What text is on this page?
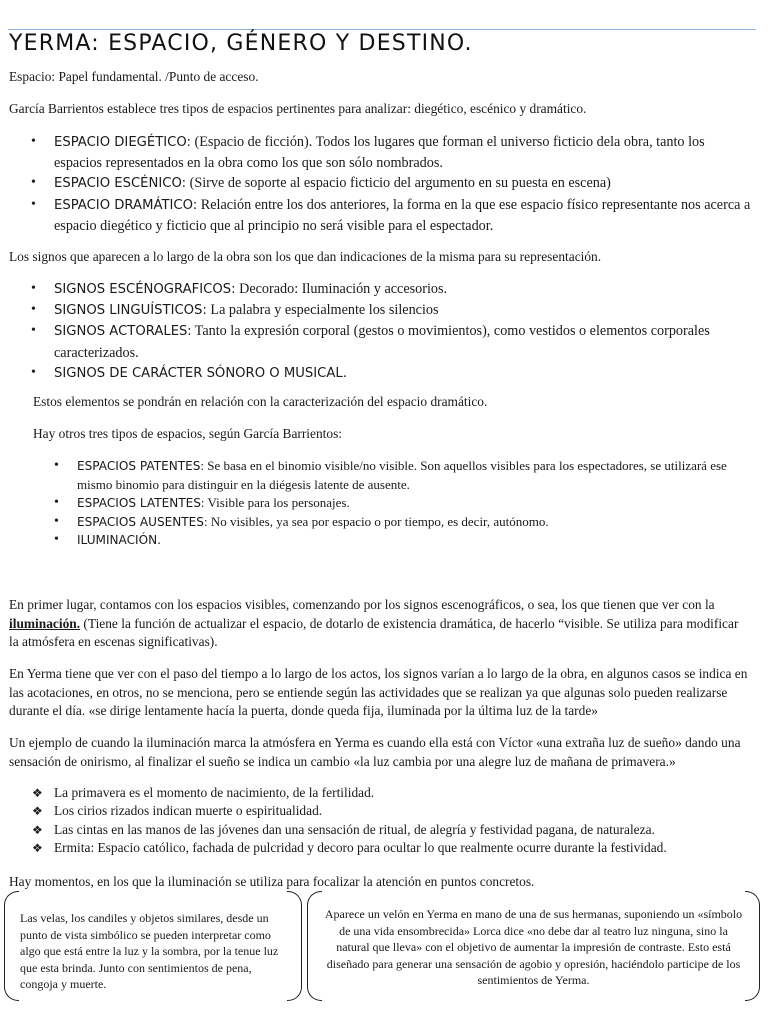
YERMA: ESPACIO, GÉNERO Y DESTINO.

Espacio: Papel fundamental. /Punto de acceso.

García Barrientos establece tres tipos de espacios pertinentes para analizar: diegético, escénico y dramático.

• ESPACIO DIEGÉTICO: (Espacio de ficción). Todos los lugares que forman el universo ficticio dela obra, tanto los espacios representados en la obra como los que son sólo nombrados.
• ESPACIO ESCÉNICO: (Sirve de soporte al espacio ficticio del argumento en su puesta en escena)
• ESPACIO DRAMÁTICO: Relación entre los dos anteriores, la forma en la que ese espacio físico representante nos acerca a espacio diegético y ficticio que al principio no será visible para el espectador.

Los signos que aparecen a lo largo de la obra son los que dan indicaciones de la misma para su representación.

• SIGNOS ESCÉNOGRAFICOS: Decorado: Iluminación y accesorios.
• SIGNOS LINGUÍSTICOS: La palabra y especialmente los silencios
• SIGNOS ACTORALES: Tanto la expresión corporal (gestos o movimientos), como vestidos o elementos corporales caracterizados.
• SIGNOS DE CARÁCTER SÓNORO O MUSICAL.

Estos elementos se pondrán en relación con la caracterización del espacio dramático.

Hay otros tres tipos de espacios, según García Barrientos:

• ESPACIOS PATENTES: Se basa en el binomio visible/no visible. Son aquellos visibles para los espectadores, se utilizará ese mismo binomio para distinguir en la diégesis latente de ausente.
• ESPACIOS LATENTES: Visible para los personajes.
• ESPACIOS AUSENTES: No visibles, ya sea por espacio o por tiempo, es decir, autónomo.
• ILUMINACIÓN.

En primer lugar, contamos con los espacios visibles, comenzando por los signos escenográficos, o sea, los que tienen que ver con la iluminación. (Tiene la función de actualizar el espacio, de dotarlo de existencia dramática, de hacerlo “visible. Se utiliza para modificar la atmósfera en escenas significativas).

En Yerma tiene que ver con el paso del tiempo a lo largo de los actos, los signos varían a lo largo de la obra, en algunos casos se indica en las acotaciones, en otros, no se menciona, pero se entiende según las actividades que se realizan ya que algunas solo pueden realizarse durante el día. «se dirige lentamente hacía la puerta, donde queda fija, iluminada por la última luz de la tarde»

Un ejemplo de cuando la iluminación marca la atmósfera en Yerma es cuando ella está con Víctor «una extraña luz de sueño» dando una sensación de onirismo, al finalizar el sueño se indica un cambio «la luz cambia por una alegre luz de mañana de primavera.»

❖ La primavera es el momento de nacimiento, de la fertilidad.
❖ Los cirios rizados indican muerte o espiritualidad.
❖ Las cintas en las manos de las jóvenes dan una sensación de ritual, de alegría y festividad pagana, de naturaleza.
❖ Ermita: Espacio católico, fachada de pulcridad y decoro para ocultar lo que realmente ocurre durante la festividad.

Hay momentos, en los que la iluminación se utiliza para focalizar la atención en puntos concretos.

Las velas, los candiles y objetos similares, desde un punto de vista simbólico se pueden interpretar como algo que está entre la luz y la sombra, por la tenue luz que esta brinda. Junto con sentimientos de pena, congoja y muerte.
Aparece un velón en Yerma en mano de una de sus hermanas, suponiendo un «símbolo de una vida ensombrecida» Lorca dice «no debe dar al teatro luz ninguna, sino la natural que lleva» con el objetivo de aumentar la impresión de contraste. Esto está diseñado para generar una sensación de agobio y opresión, haciéndolo participe de los sentimientos de Yerma.
